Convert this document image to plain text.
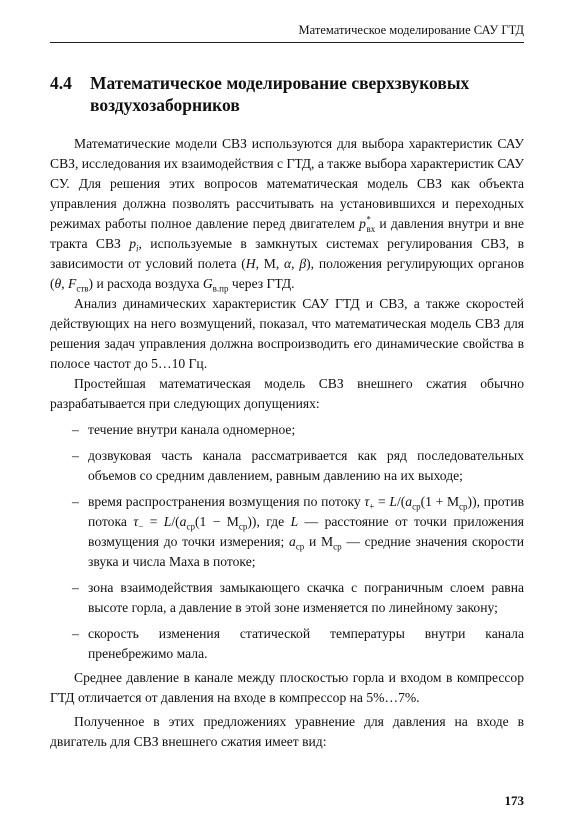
Математическое моделирование САУ ГТД
4.4 Математическое моделирование сверхзвуковых
воздухозаборников

Математические модели СВЗ используются для выбора характеристик САУ СВЗ, исследования их взаимодействия с ГТД, а также выбора характеристик САУ СУ. Для решения этих вопросов математическая модель СВЗ как объекта управления должна позволять рассчитывать на установившихся и переходных режимах работы полное давление перед двигателем $p^*_{вх}$ и давления внутри и вне тракта СВЗ $p_i$, используемые в замкнутых системах регулирования СВЗ, в зависимости от условий полета (H, M, α, β), положения регулирующих органов (θ, $F_{ств}$) и расхода воздуха $G_{в.пр}$ через ГТД.

Анализ динамических характеристик САУ ГТД и СВЗ, а также скоростей действующих на него возмущений, показал, что математическая модель СВЗ для решения задач управления должна воспроизводить его динамические свойства в полосе частот до 5…10 Гц.

Простейшая математическая модель СВЗ внешнего сжатия обычно разрабатывается при следующих допущениях:

– течение внутри канала одномерное;
– дозвуковая часть канала рассматривается как ряд последовательных объемов со средним давлением, равным давлению на их выходе;
– время распространения возмущения по потоку $\tau_+ = L/(a_{ср}(1 + M_{ср}))$, против потока $\tau_- = L/(a_{ср}(1 - M_{ср}))$, где L — расстояние от точки приложения возмущения до точки измерения; $a_{ср}$ и $M_{ср}$ — средние значения скорости звука и числа Маха в потоке;
– зона взаимодействия замыкающего скачка с пограничным слоем равна высоте горла, а давление в этой зоне изменяется по линейному закону;
– скорость изменения статической температуры внутри канала пренебрежимо мала.

Среднее давление в канале между плоскостью горла и входом в компрессор ГТД отличается от давления на входе в компрессор на 5%…7%.

Полученное в этих предложениях уравнение для давления на входе в двигатель для СВЗ внешнего сжатия имеет вид:

173
